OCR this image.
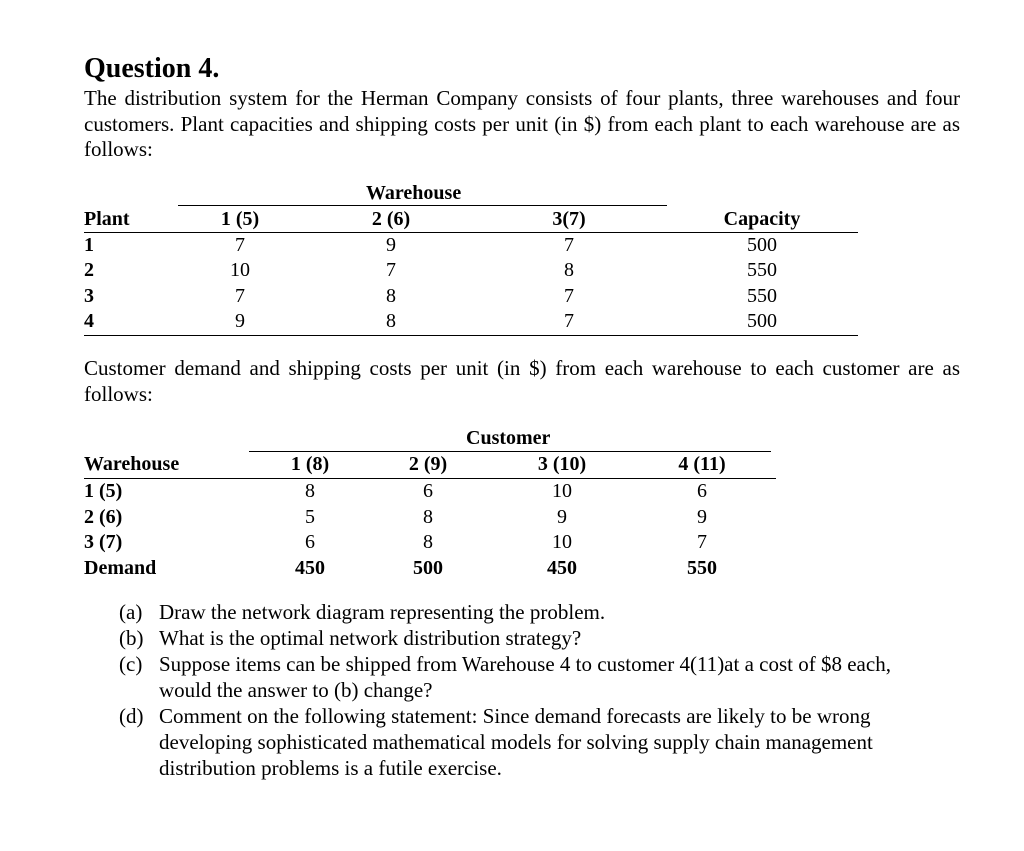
Question 4.
The distribution system for the Herman Company consists of four plants, three warehouses and four customers. Plant capacities and shipping costs per unit (in $) from each plant to each warehouse are as follows:
Warehouse
Plant	1 (5)	2 (6)	3(7)	Capacity
1	7	9	7	500
2	10	7	8	550
3	7	8	7	550
4	9	8	7	500
Customer demand and shipping costs per unit (in $) from each warehouse to each customer are as follows:
Customer
Warehouse	1 (8)	2 (9)	3 (10)	4 (11)
1 (5)	8	6	10	6
2 (6)	5	8	9	9
3 (7)	6	8	10	7
Demand	450	500	450	550
(a) Draw the network diagram representing the problem.
(b) What is the optimal network distribution strategy?
(c) Suppose items can be shipped from Warehouse 4 to customer 4(11)at a cost of $8 each,
would the answer to (b) change?
(d) Comment on the following statement: Since demand forecasts are likely to be wrong
developing sophisticated mathematical models for solving supply chain management
distribution problems is a futile exercise.
